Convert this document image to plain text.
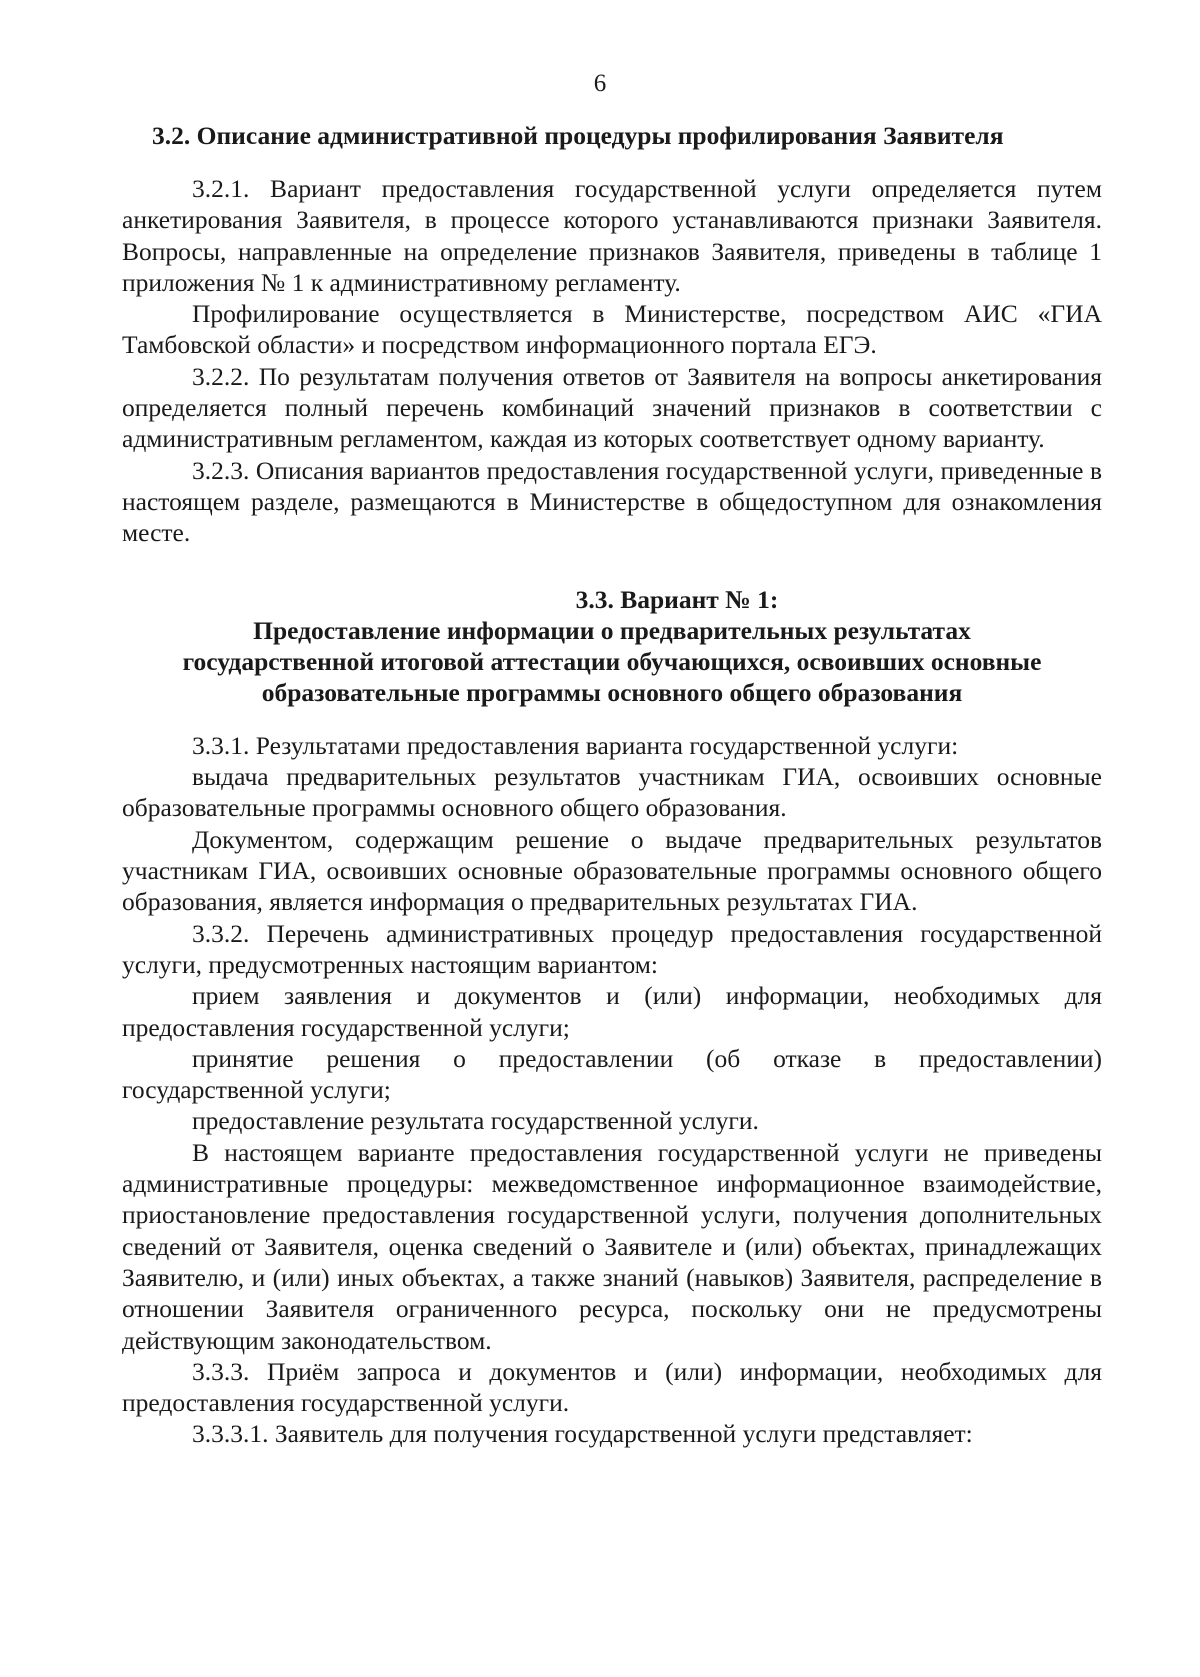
6
3.2. Описание административной процедуры профилирования Заявителя

3.2.1. Вариант предоставления государственной услуги определяется путем анкетирования Заявителя, в процессе которого устанавливаются признаки Заявителя. Вопросы, направленные на определение признаков Заявителя, приведены в таблице 1 приложения № 1 к административному регламенту.

Профилирование осуществляется в Министерстве, посредством АИС «ГИА Тамбовской области» и посредством информационного портала ЕГЭ.

3.2.2. По результатам получения ответов от Заявителя на вопросы анкетирования определяется полный перечень комбинаций значений признаков в соответствии с административным регламентом, каждая из которых соответствует одному варианту.

3.2.3. Описания вариантов предоставления государственной услуги, приведенные в настоящем разделе, размещаются в Министерстве в общедоступном для ознакомления месте.

3.3. Вариант № 1:
Предоставление информации о предварительных результатах
государственной итоговой аттестации обучающихся, освоивших основные
образовательные программы основного общего образования

3.3.1. Результатами предоставления варианта государственной услуги:

выдача предварительных результатов участникам ГИА, освоивших основные образовательные программы основного общего образования.

Документом, содержащим решение о выдаче предварительных результатов участникам ГИА, освоивших основные образовательные программы основного общего образования, является информация о предварительных результатах ГИА.

3.3.2. Перечень административных процедур предоставления государственной услуги, предусмотренных настоящим вариантом:

прием заявления и документов и (или) информации, необходимых для предоставления государственной услуги;

принятие решения о предоставлении (об отказе в предоставлении) государственной услуги;

предоставление результата государственной услуги.

В настоящем варианте предоставления государственной услуги не приведены административные процедуры: межведомственное информационное взаимодействие, приостановление предоставления государственной услуги, получения дополнительных сведений от Заявителя, оценка сведений о Заявителе и (или) объектах, принадлежащих Заявителю, и (или) иных объектах, а также знаний (навыков) Заявителя, распределение в отношении Заявителя ограниченного ресурса, поскольку они не предусмотрены действующим законодательством.

3.3.3. Приём запроса и документов и (или) информации, необходимых для предоставления государственной услуги.

3.3.3.1. Заявитель для получения государственной услуги представляет:
